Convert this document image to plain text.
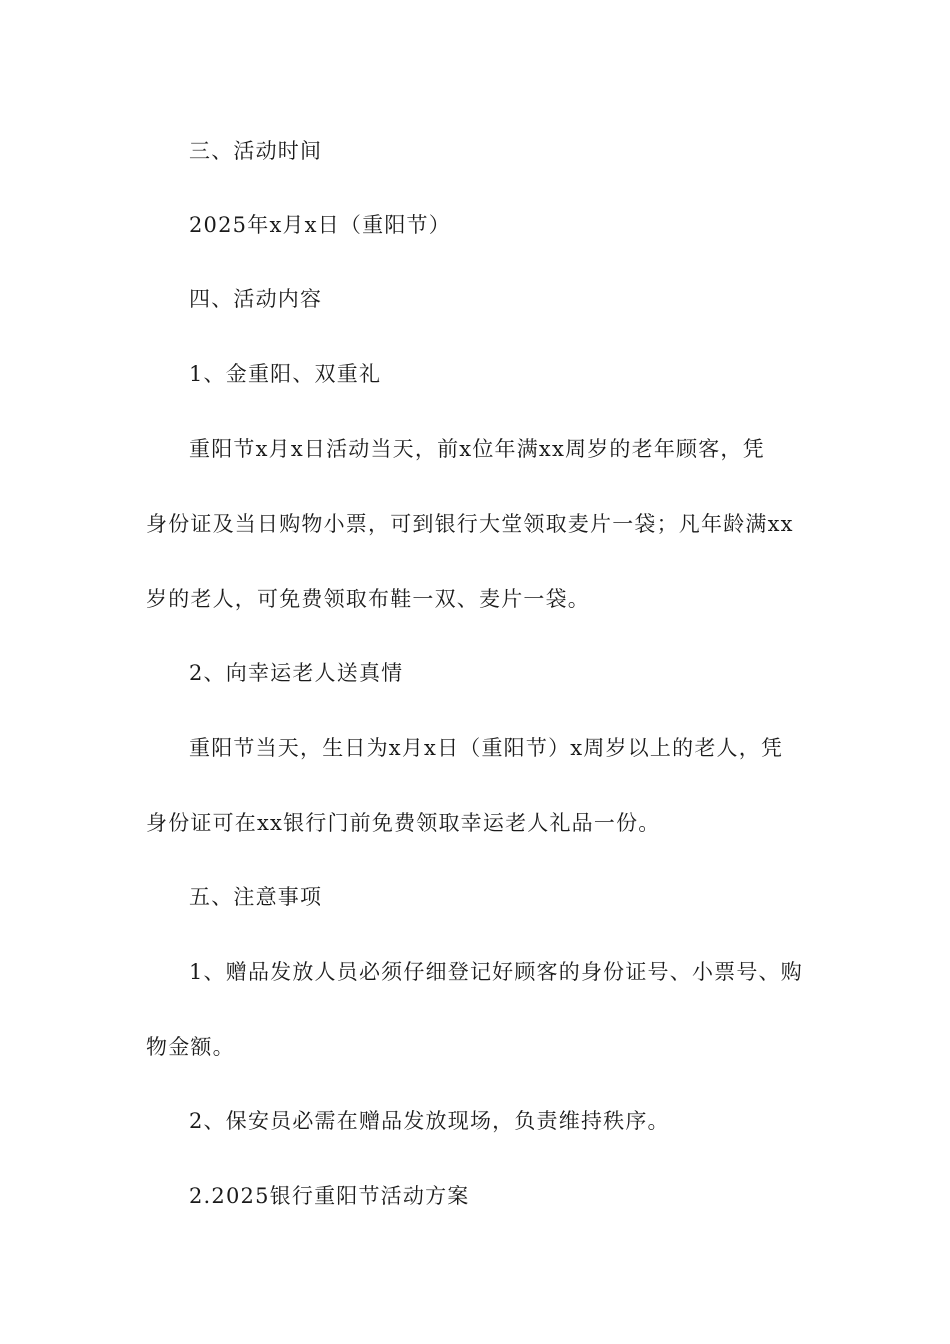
三、活动时间
2025年x月x日（重阳节）
四、活动内容
1、金重阳、双重礼
重阳节x月x日活动当天，前x位年满xx周岁的老年顾客，凭
身份证及当日购物小票，可到银行大堂领取麦片一袋；凡年龄满xx
岁的老人，可免费领取布鞋一双、麦片一袋。
2、向幸运老人送真情
重阳节当天，生日为x月x日（重阳节）x周岁以上的老人，凭
身份证可在xx银行门前免费领取幸运老人礼品一份。
五、注意事项
1、赠品发放人员必须仔细登记好顾客的身份证号、小票号、购
物金额。
2、保安员必需在赠品发放现场，负责维持秩序。
2.2025银行重阳节活动方案
